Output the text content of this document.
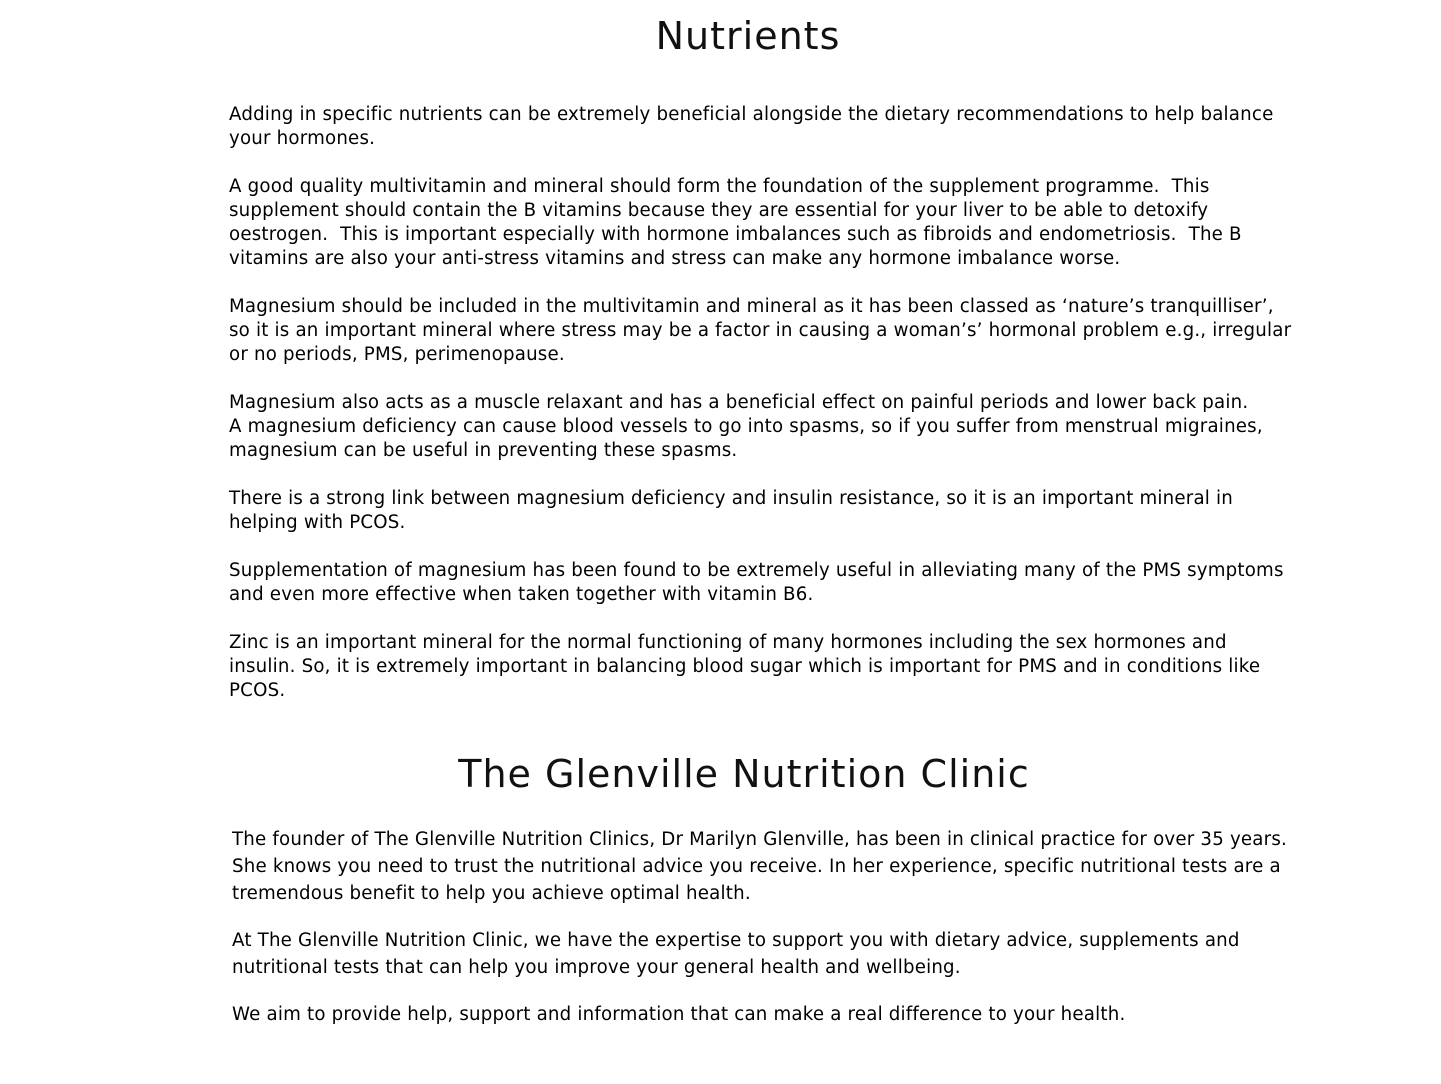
Nutrients

Adding in specific nutrients can be extremely beneficial alongside the dietary recommendations to help balance
your hormones.

A good quality multivitamin and mineral should form the foundation of the supplement programme.  This
supplement should contain the B vitamins because they are essential for your liver to be able to detoxify
oestrogen.  This is important especially with hormone imbalances such as fibroids and endometriosis.  The B
vitamins are also your anti-stress vitamins and stress can make any hormone imbalance worse.

Magnesium should be included in the multivitamin and mineral as it has been classed as ‘nature’s tranquilliser’,
so it is an important mineral where stress may be a factor in causing a woman’s’ hormonal problem e.g., irregular
or no periods, PMS, perimenopause.

Magnesium also acts as a muscle relaxant and has a beneficial effect on painful periods and lower back pain.
A magnesium deficiency can cause blood vessels to go into spasms, so if you suffer from menstrual migraines,
magnesium can be useful in preventing these spasms.

There is a strong link between magnesium deficiency and insulin resistance, so it is an important mineral in
helping with PCOS.

Supplementation of magnesium has been found to be extremely useful in alleviating many of the PMS symptoms
and even more effective when taken together with vitamin B6.

Zinc is an important mineral for the normal functioning of many hormones including the sex hormones and
insulin. So, it is extremely important in balancing blood sugar which is important for PMS and in conditions like
PCOS.

The Glenville Nutrition Clinic

The founder of The Glenville Nutrition Clinics, Dr Marilyn Glenville, has been in clinical practice for over 35 years.
She knows you need to trust the nutritional advice you receive. In her experience, specific nutritional tests are a
tremendous benefit to help you achieve optimal health.

At The Glenville Nutrition Clinic, we have the expertise to support you with dietary advice, supplements and
nutritional tests that can help you improve your general health and wellbeing.

We aim to provide help, support and information that can make a real difference to your health.
